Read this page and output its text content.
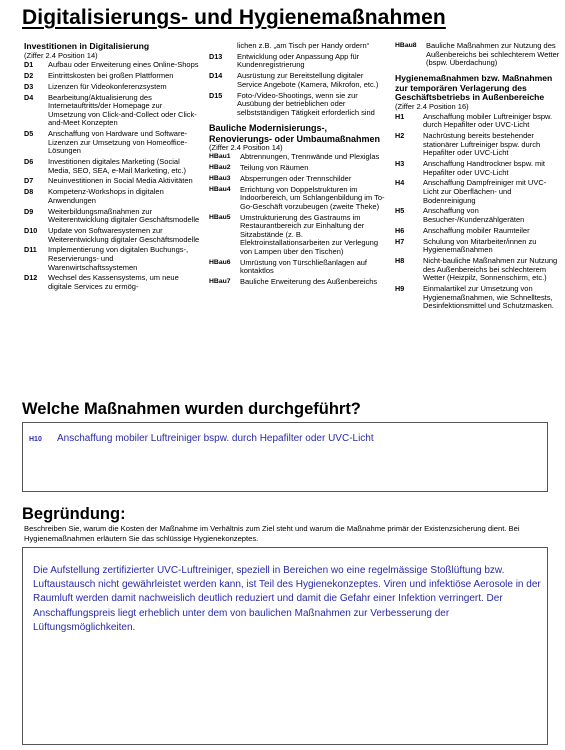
Digitalisierungs- und Hygienemaßnahmen
Investitionen in Digitalisierung
(Ziffer 2.4 Position 14)
D1	Aufbau oder Erweiterung eines Online-Shops
D2	Eintrittskosten bei großen Plattformen
D3	Lizenzen für Videokonferenzsystem
D4	Bearbeitung/Aktualisierung des Internetauftritts/der Homepage zur Umsetzung von Click-and-Collect oder Click-and-Meet Konzepten
D5	Anschaffung von Hardware und Software-Lizenzen zur Umsetzung von Homeoffice-Lösungen
D6	Investitionen digitales Marketing (Social Media, SEO, SEA, e-Mail Marketing, etc.)
D7	Neuinvestitionen in Social Media Aktivitäten
D8	Kompetenz-Workshops in digitalen Anwendungen
D9	Weiterbildungsmaßnahmen zur Weiterentwicklung digitaler Geschäftsmodelle
D10	Update von Softwaresystemen zur Weiterentwicklung digitaler Geschäftsmodelle
D11	Implementierung von digitalen Buchungs-, Reservierungs- und Warenwirtschaftssystemen
D12	Wechsel des Kassensystems, um neue digitale Services zu ermög-
lichen z.B. „am Tisch per Handy ordern“
D13	Entwicklung oder Anpassung App für Kundenregistrierung
D14	Ausrüstung zur Bereitstellung digitaler Service Angebote (Kamera, Mikrofon, etc.)
D15	Foto-/Video-Shootings, wenn sie zur Ausübung der betrieblichen oder selbstständigen Tätigkeit erforderlich sind
Bauliche Modernisierungs-, Renovierungs- oder Umbaumaßnahmen
(Ziffer 2.4 Position 14)
HBau1	Abtrennungen, Trennwände und Plexiglas
HBau2	Teilung von Räumen
HBau3	Absperrungen oder Trennschilder
HBau4	Errichtung von Doppelstrukturen im Indoorbereich, um Schlangenbildung im To-Go-Geschäft vorzubeugen (zweite Theke)
HBau5	Umstrukturierung des Gastraums im Restaurantbereich zur Einhaltung der Sitzabstände (z. B. Elektroinstallationsarbeiten zur Verlegung von Lampen über den Tischen)
HBau6	Umrüstung von Türschließanlagen auf kontaktlos
HBau7	Bauliche Erweiterung des Außenbereichs
HBau8	Bauliche Maßnahmen zur Nutzung des Außenbereichs bei schlechterem Wetter (bspw. Überdachung)
Hygienemaßnahmen bzw. Maßnahmen zur temporären Verlagerung des Geschäftsbetriebs in Außenbereiche
(Ziffer 2.4 Position 16)
H1	Anschaffung mobiler Luftreiniger bspw. durch Hepafilter oder UVC-Licht
H2	Nachrüstung bereits bestehender stationärer Luftreiniger bspw. durch Hepafilter oder UVC-Licht
H3	Anschaffung Handtrockner bspw. mit Hepafilter oder UVC-Licht
H4	Anschaffung Dampfreiniger mit UVC-Licht zur Oberflächen- und Bodenreinigung
H5	Anschaffung von Besucher-/Kundenzählgeräten
H6	Anschaffung mobiler Raumteiler
H7	Schulung von Mitarbeiter/innen zu Hygienemaßnahmen
H8	Nicht-bauliche Maßnahmen zur Nutzung des Außenbereichs bei schlechterem Wetter (Heizpilz, Sonnenschirm, etc.)
H9	Einmalartikel zur Umsetzung von Hygienemaßnahmen, wie Schnelltests, Desinfektionsmittel und Schutzmasken.
Welche Maßnahmen wurden durchgeführt?
H10 Anschaffung mobiler Luftreiniger bspw. durch Hepafilter oder UVC-Licht
Begründung:
Beschreiben Sie, warum die Kosten der Maßnahme im Verhältnis zum Ziel steht und warum die Maßnahme primär der Existenzsicherung dient. Bei Hygienemaßnahmen erläutern Sie das schlüssige Hygienekonzeptes.
Die Aufstellung zertifizierter UVC-Luftreiniger, speziell in Bereichen wo eine regelmässige Stoßlüftung bzw. Luftaustausch nicht gewährleistet werden kann, ist Teil des Hygienekonzeptes. Viren und infektiöse Aerosole in der Raumluft werden damit nachweislich deutlich reduziert und damit die Gefahr einer Infektion verringert. Der Anschaffungspreis liegt erheblich unter dem von baulichen Maßnahmen zur Verbesserung der Lüftungsmöglichkeiten.
